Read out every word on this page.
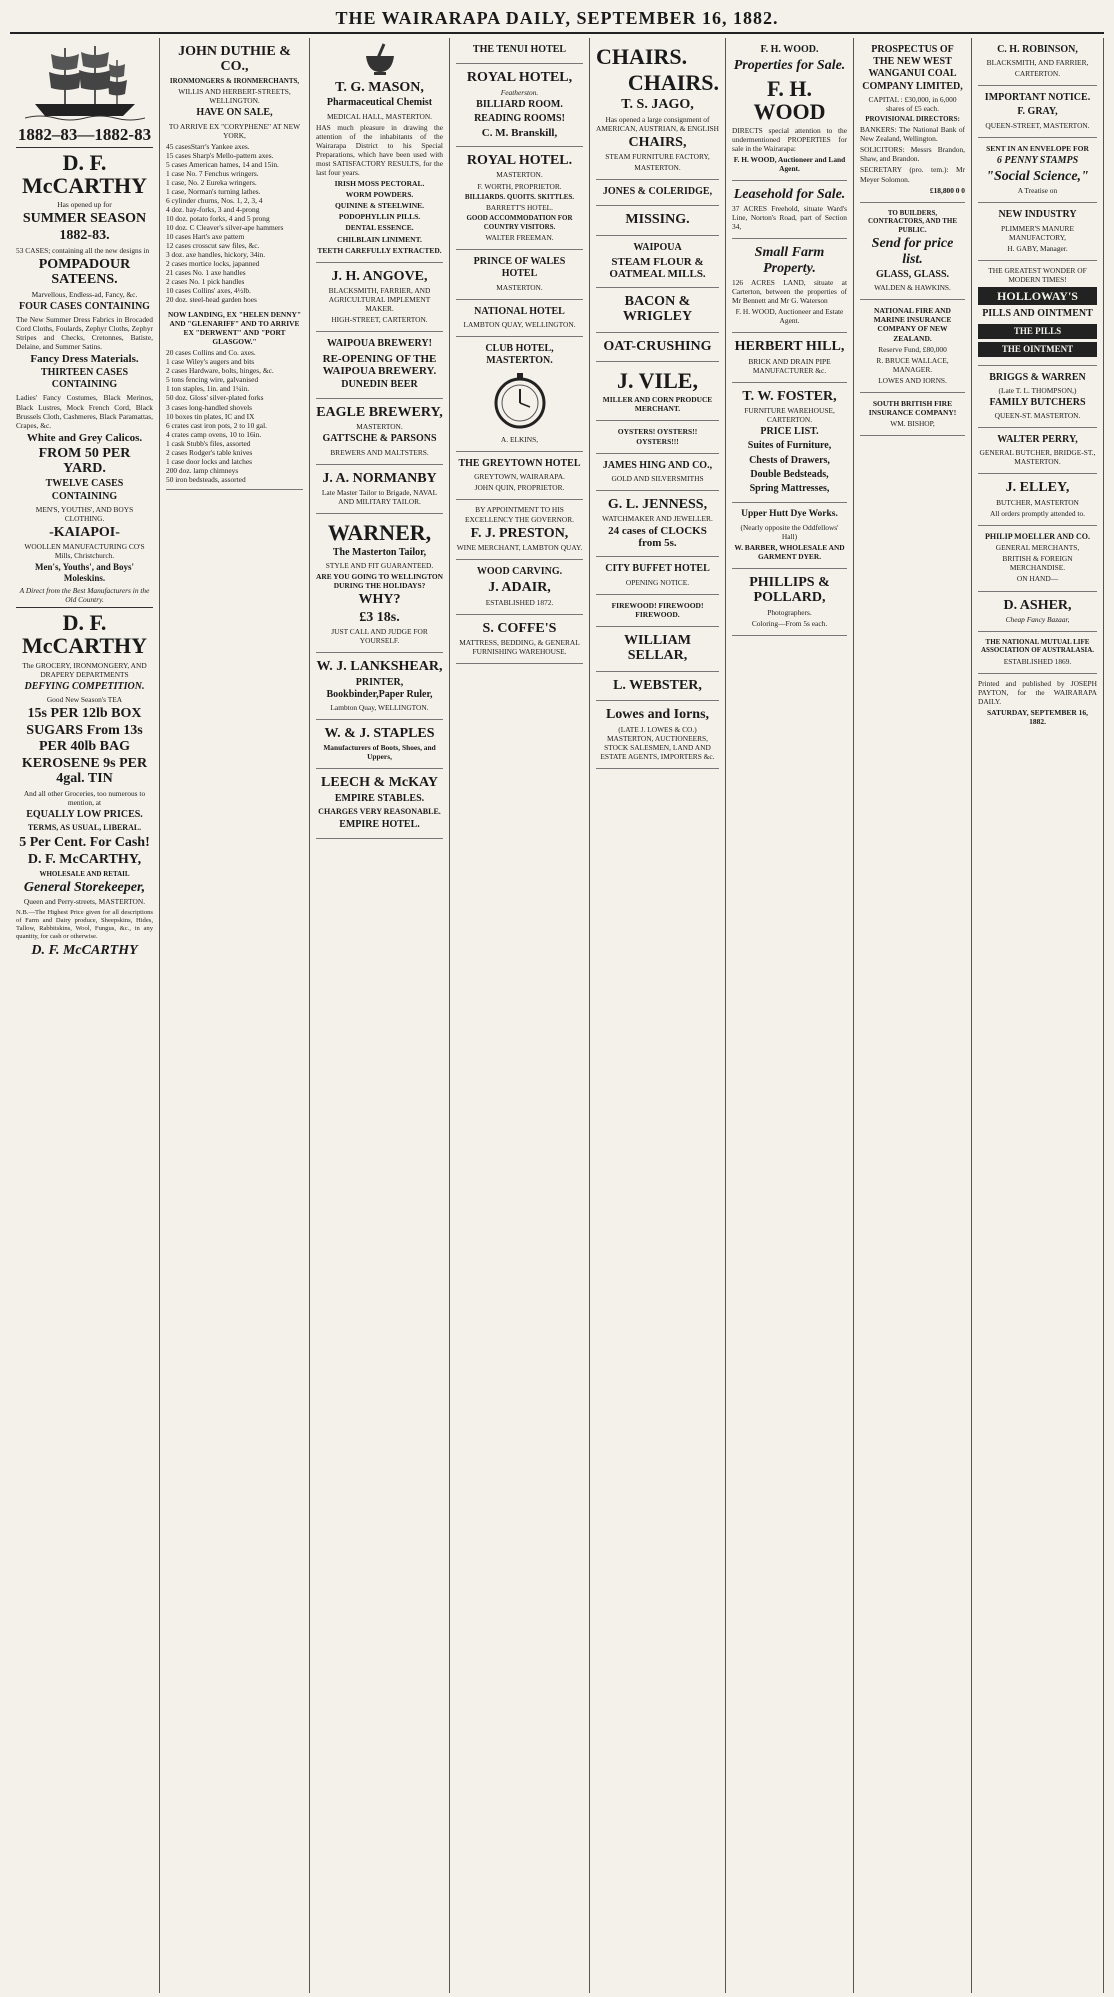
THE WAIRARAPA DAILY, SEPTEMBER 16, 1882.
1882–83—1882-83
D. F. McCARTHY

Has opened up for

SUMMER SEASON
1882-83.

53 CASES; containing all the new designs in

POMPADOUR SATEENS.

Marvellous, Endless-ad, Fancy, &c.

FOUR CASES CONTAINING

The New Summer Dress Fabrics in Brocaded Cord Cloths, Foulards, Zephyr Cloths, Zephyr Stripes and Checks, Cretonnes, Batiste, Delaine, and Summer Satins.

Fancy Dress Materials.
THIRTEEN CASES CONTAINING

Ladies' Fancy Costumes, Black Merinos, Black Lustres, Mock French Cord, Black Brussels Cloth, Cashmeres, Black Paramattas, Crapes, &c.

White and Grey Calicos.
FROM 50 PER YARD.
TWELVE CASES CONTAINING

MEN'S, YOUTHS', AND BOYS CLOTHING.

-KAIAPOI-

WOOLLEN MANUFACTURING CO'S Mills, Christchurch.

Men's, Youths', and Boys' Moleskins.

A Direct from the Best Manufacturers in the Old Country.

D. F. McCARTHY

The GROCERY, IRONMONGERY, AND DRAPERY DEPARTMENTS

DEFYING COMPETITION.

Good New Season's TEA

15s PER 12lb BOX
SUGARS From 13s PER 40lb BAG
KEROSENE 9s PER 4gal. TIN

And all other Groceries, too numerous to mention, at

EQUALLY LOW PRICES.
TERMS, AS USUAL, LIBERAL.
5 Per Cent. For Cash!
D. F. McCARTHY,
WHOLESALE AND RETAIL
General Storekeeper,

Queen and Perry-streets, MASTERTON.

N.B.—The Highest Price given for all descriptions of Farm and Dairy produce, Sheepskins, Hides, Tallow, Rabbitskins, Wool, Fungus, &c., in any quantity, for cash or otherwise.

D. F. McCARTHY
JOHN DUTHIE & CO.,
IRONMONGERS & IRONMERCHANTS,

WILLIS AND HERBERT-STREETS, WELLINGTON.

HAVE ON SALE,

TO ARRIVE EX "CORYPHENE" AT NEW YORK,

45 casesStarr's Yankee axes.

15 cases Sharp's Mello-pattern axes.

5 cases American hames, 14 and 15in.

1 case No. 7 Fenchus wringers.

1 case, No. 2 Eureka wringers.

1 case, Norman's turning lathes.

6 cylinder churns, Nos. 1, 2, 3, 4

4 doz. hay-forks, 3 and 4-prong

10 doz. potato forks, 4 and 5 prong

10 doz. C Cleaver's silver-ape hammers

10 cases Hart's axe pattern

12 cases crosscut saw files, &c.

3 doz. axe handles, hickory, 34in.

2 cases mortice locks, japanned

21 cases No. 1 axe handles

2 cases No. 1 pick handles

10 cases Collins' axes, 4½lb.

20 doz. steel-head garden hoes

NOW LANDING, EX "HELEN DENNY" AND "GLENARIFF" AND TO ARRIVE EX "DERWENT" AND "PORT GLASGOW."

20 cases Collins and Co. axes.

1 case Wiley's augers and bits

2 cases Hardware, bolts, hinges, &c.

5 tons fencing wire, galvanised

1 ton staples, 1in. and 1¼in.

50 doz. Gloss' silver-plated forks

3 cases long-handled shovels

10 boxes tin plates, IC and IX

6 crates cast iron pots, 2 to 10 gal.

4 crates camp ovens, 10 to 16in.

1 cask Stubb's files, assorted

2 cases Rodger's table knives

1 case door locks and latches

200 doz. lamp chimneys

50 iron bedsteads, assorted

T. G. MASON,
Pharmaceutical Chemist

MEDICAL HALL, MASTERTON.

HAS much pleasure in drawing the attention of the inhabitants of the Wairarapa District to his Special Preparations, which have been used with most SATISFACTORY RESULTS, for the last four years.

IRISH MOSS PECTORAL.
WORM POWDERS.
QUININE & STEELWINE.
PODOPHYLLIN PILLS.
DENTAL ESSENCE.
CHILBLAIN LINIMENT.
TEETH CAREFULLY EXTRACTED.
J. H. ANGOVE,

BLACKSMITH, FARRIER, AND AGRICULTURAL IMPLEMENT MAKER.

HIGH-STREET, CARTERTON.

WAIPOUA BREWERY!
RE-OPENING OF THE WAIPOUA BREWERY.
DUNEDIN BEER
EAGLE BREWERY,

MASTERTON.

GATTSCHE & PARSONS

BREWERS AND MALTSTERS.

J. A. NORMANBY

Late Master Tailor to Brigade, NAVAL AND MILITARY TAILOR.

WARNER,
The Masterton Tailor,

STYLE AND FIT GUARANTEED.

ARE YOU GOING TO WELLINGTON DURING THE HOLIDAYS?

WHY?
£3 18s.

JUST CALL AND JUDGE FOR YOURSELF.

W. J. LANKSHEAR,
PRINTER, Bookbinder,Paper Ruler,

Lambton Quay, WELLINGTON.

W. & J. STAPLES

Manufacturers of Boots, Shoes, and Uppers,

LEECH & McKAY
EMPIRE STABLES.
CHARGES VERY REASONABLE.
EMPIRE HOTEL.
THE TENUI HOTEL
ROYAL HOTEL,

Featherston.

BILLIARD ROOM.
READING ROOMS!
C. M. Branskill,
ROYAL HOTEL.

MASTERTON.

F. WORTH, PROPRIETOR.

BILLIARDS. QUOITS. SKITTLES.

BARRETT'S HOTEL.

GOOD ACCOMMODATION FOR COUNTRY VISITORS.

WALTER FREEMAN.

PRINCE OF WALES HOTEL

MASTERTON.

NATIONAL HOTEL

LAMBTON QUAY, WELLINGTON.

CLUB HOTEL, MASTERTON.

A. ELKINS,

THE GREYTOWN HOTEL

GREYTOWN, WAIRARAPA.

JOHN QUIN, PROPRIETOR.

BY APPOINTMENT TO HIS EXCELLENCY THE GOVERNOR.

F. J. PRESTON,

WINE MERCHANT, LAMBTON QUAY.

WOOD CARVING.
J. ADAIR,

ESTABLISHED 1872.

S. COFFE'S

MATTRESS, BEDDING, & GENERAL FURNISHING WAREHOUSE.

CHAIRS.
CHAIRS.
T. S. JAGO,

Has opened a large consignment of AMERICAN, AUSTRIAN, & ENGLISH

CHAIRS,

STEAM FURNITURE FACTORY,

MASTERTON.

JONES & COLERIDGE,
MISSING.
WAIPOUA
STEAM FLOUR & OATMEAL MILLS.
BACON & WRIGLEY
OAT-CRUSHING
J. VILE,

MILLER AND CORN PRODUCE MERCHANT.

OYSTERS! OYSTERS!! OYSTERS!!!
JAMES HING AND CO.,

GOLD AND SILVERSMITHS

G. L. JENNESS,

WATCHMAKER AND JEWELLER.

24 cases of CLOCKS from 5s.
CITY BUFFET HOTEL

OPENING NOTICE.

FIREWOOD! FIREWOOD! FIREWOOD.
WILLIAM SELLAR,
L. WEBSTER,
Lowes and Iorns,

(LATE J. LOWES & CO.) MASTERTON, AUCTIONEERS, STOCK SALESMEN, LAND AND ESTATE AGENTS, IMPORTERS &c.

F. H. WOOD.
Properties for Sale.
F. H. WOOD

DIRECTS special attention to the undermentioned PROPERTIES for sale in the Wairarapa:

F. H. WOOD, Auctioneer and Land Agent.

Leasehold for Sale.

37 ACRES Freehold, situate Ward's Line, Norton's Road, part of Section 34,

Small Farm Property.

126 ACRES LAND, situate at Carterton, between the properties of Mr Bennett and Mr G. Waterson

F. H. WOOD, Auctioneer and Estate Agent.

HERBERT HILL,

BRICK AND DRAIN PIPE MANUFACTURER &c.

T. W. FOSTER,

FURNITURE WAREHOUSE, CARTERTON.

PRICE LIST.
Suites of Furniture,
Chests of Drawers,
Double Bedsteads,
Spring Mattresses,
Upper Hutt Dye Works.

(Nearly opposite the Oddfellows' Hall)

W. BARBER, WHOLESALE AND GARMENT DYER.

PHILLIPS & POLLARD,

Photographers.

Coloring—From 5s each.

PROSPECTUS OF THE NEW WEST WANGANUI COAL COMPANY LIMITED,

CAPITAL : £30,000, in 6,000 shares of £5 each.

PROVISIONAL DIRECTORS:

BANKERS: The National Bank of New Zealand, Wellington.

SOLICITORS: Messrs Brandon, Shaw, and Brandon.

SECRETARY (pro. tem.): Mr Meyer Solomon.

£18,800 0 0

TO BUILDERS, CONTRACTORS, AND THE PUBLIC.
Send for price list.
GLASS, GLASS.

WALDEN & HAWKINS.

NATIONAL FIRE AND MARINE INSURANCE COMPANY OF NEW ZEALAND.

Reserve Fund, £80,000

R. BRUCE WALLACE, MANAGER.

LOWES AND IORNS.

SOUTH BRITISH FIRE INSURANCE COMPANY!

WM. BISHOP,

C. H. ROBINSON,

BLACKSMITH, AND FARRIER,

CARTERTON.

IMPORTANT NOTICE.
F. GRAY,

QUEEN-STREET, MASTERTON.

SENT IN AN ENVELOPE FOR
6 PENNY STAMPS
"Social Science,"

A Treatise on

NEW INDUSTRY

PLIMMER'S MANURE MANUFACTORY,

H. GABY, Manager.

THE GREATEST WONDER OF MODERN TIMES!

HOLLOWAY'S
PILLS AND OINTMENT
THE PILLS
THE OINTMENT
BRIGGS & WARREN

(Late T. L. THOMPSON,)

FAMILY BUTCHERS

QUEEN-ST. MASTERTON.

WALTER PERRY,

GENERAL BUTCHER, BRIDGE-ST., MASTERTON.

J. ELLEY,

BUTCHER, MASTERTON

All orders promptly attended to.

PHILIP MOELLER AND CO.

GENERAL MERCHANTS,

BRITISH & FOREIGN MERCHANDISE.

ON HAND—

D. ASHER,

Cheap Fancy Bazaar,

THE NATIONAL MUTUAL LIFE ASSOCIATION OF AUSTRALASIA.

ESTABLISHED 1869.

Printed and published by JOSEPH PAYTON, for the WAIRARAPA DAILY.

SATURDAY, SEPTEMBER 16, 1882.
